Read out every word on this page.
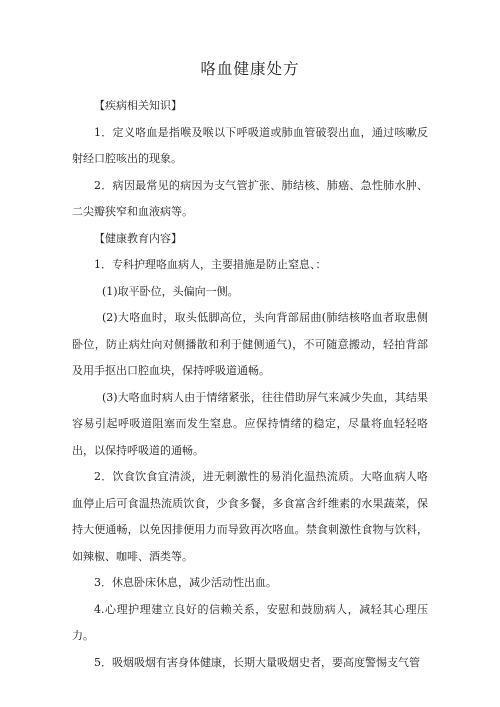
咯血健康处方

【疾病相关知识】

1．定义咯血是指喉及喉以下呼吸道或肺血管破裂出血，通过咳嗽反射经口腔咳出的现象。

2．病因最常见的病因为支气管扩张、肺结核、肺癌、急性肺水肿、二尖瓣狭窄和血液病等。

【健康教育内容】

1．专科护理咯血病人，主要措施是防止窒息、：

(1)取平卧位，头偏向一侧。

(2)大咯血时，取头低脚高位，头向背部屈曲(肺结核咯血者取患侧卧位，防止病灶向对侧播散和利于健侧通气)，不可随意搬动，轻拍背部及用手抠出口腔血块，保持呼吸道通畅。

(3)大咯血时病人由于情绪紧张，往往借助屏气来减少失血，其结果容易引起呼吸道阻塞而发生窒息。应保持情绪的稳定，尽量将血轻轻咯出，以保持呼吸道的通畅。

2．饮食饮食宜清淡，进无刺激性的易消化温热流质。大咯血病人咯血停止后可食温热流质饮食，少食多餐，多食富含纤维素的水果蔬菜，保持大便通畅，以免因排便用力而导致再次咯血。禁食刺激性食物与饮料，如辣椒、咖啡、酒类等。

3．休息卧床休息，减少活动性出血。

4.心理护理建立良好的信赖关系，安慰和鼓励病人，减轻其心理压力。

5．吸烟吸烟有害身体健康，长期大量吸烟史者，要高度警惕支气管
